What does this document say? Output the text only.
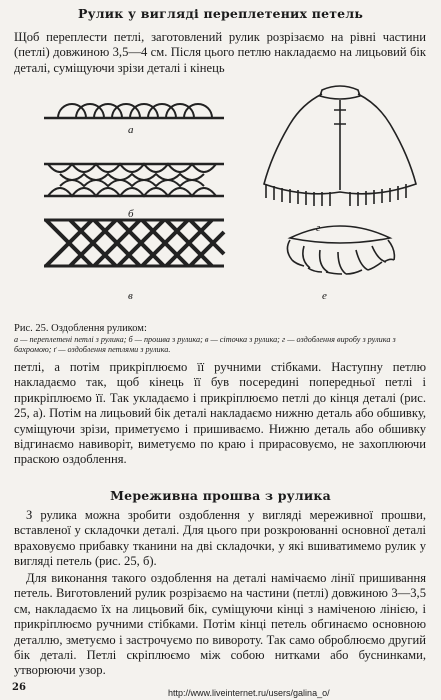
Рулик у вигляді переплетених петель
Щоб переплести петлі, заготовлений рулик розрізаємо на рівні частини (петлі) довжиною 3,5—4 см. Після цього петлю накладаємо на лицьовий бік деталі, суміщуючи зрізи деталі і кінець
а
б
в
г
е
Рис. 25. Оздоблення руликом:
а — переплетені петлі з рулика; б — прошва з рулика; в — сіточка з рулика; г — оздоблення виробу з рулика з бахромою; ґ — оздоблення петлями з рулика.
петлі, а потім прикріплюємо її ручними стібками. Наступну петлю накладаємо так, щоб кінець її був посередині попередньої петлі і прикріплюємо її. Так укладаємо і прикріплюємо петлі до кінця деталі (рис. 25, а). Потім на лицьовий бік деталі накладаємо нижню деталь або обшивку, суміщуючи зрізи, приметуємо і пришиваємо. Нижню деталь або обшивку відгинаємо навиворіт, виметуємо по краю і прирасовуємо, не захоплюючи праскою оздоблення.
Мереживна прошва з рулика
З рулика можна зробити оздоблення у вигляді мереживної прошви, вставленої у складочки деталі. Для цього при розкроюванні основної деталі враховуємо прибавку тканини на дві складочки, у які вшиватимемо рулик у вигляді петель (рис. 25, б).
Для виконання такого оздоблення на деталі намічаємо лінії пришивання петель. Виготовлений рулик розрізаємо на частини (петлі) довжиною 3—3,5 см, накладаємо їх на лицьовий бік, суміщуючи кінці з наміченою лінією, і прикріплюємо ручними стібками. Потім кінці петель обгинаємо основною деталлю, зметуємо і застрочуємо по вивороту. Так само оброблюємо другий бік деталі. Петлі скріплюємо між собою нитками або буснинками, утворюючи узор.
26	http://www.liveinternet.ru/users/galina_o/
